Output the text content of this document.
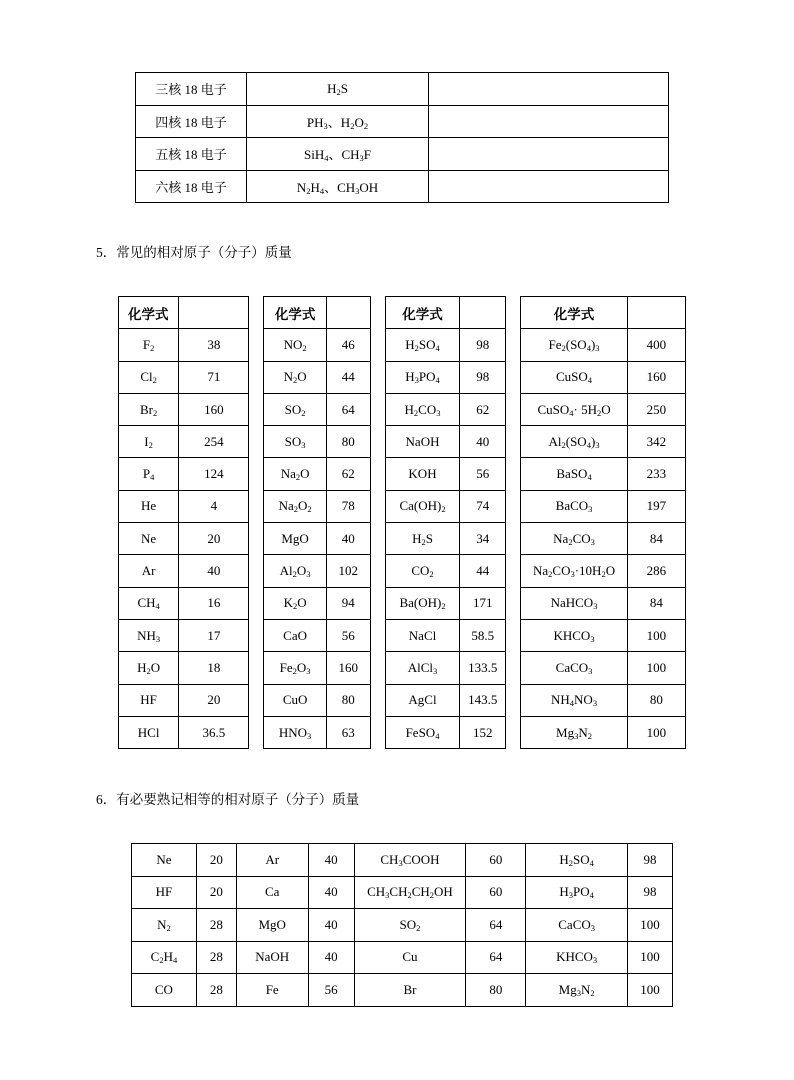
三核 18 电子	$H_2S$	
四核 18 电子	$PH_3$、$H_2O_2$	
五核 18 电子	SiH$_4$、$CH_3F$	
六核 18 电子	$N_2H_4$、$CH_3OH$	
5．常见的相对原子（分子）质量
化学式			化学式			化学式			化学式	
$F_2$	38		$NO_2$	46		$H_2SO_4$	98		$Fe_2(SO_4)_3$	400
$Cl_2$	71		$N_2O$	44		$H_3PO_4$	98		CuSO$_4$	160
$Br_2$	160		$SO_2$	64		$H_2CO_3$	62		CuSO$_4$· $5H_2O$	250
$I_2$	254		$SO_3$	80		NaOH	40		$Al_2(SO_4)_3$	342
$P_4$	124		$Na_2O$	62		KOH	56		BaSO$_4$	233
He	4		$Na_2O_2$	78		$Ca(OH)_2$	74		BaCO$_3$	197
Ne	20		MgO	40		$H_2S$	34		$Na_2CO_3$	84
Ar	40		$Al_2O_3$	102		$CO_2$	44		$Na_2CO_3\cdot 10H_2O$	286
$CH_4$	16		$K_2O$	94		$Ba(OH)_2$	171		NaHCO$_3$	84
$NH_3$	17		CaO	56		NaCl	58.5		$KHCO_3$	100
$H_2O$	18		$Fe_2O_3$	160		AlCl$_3$	133.5		CaCO$_3$	100
HF	20		CuO	80		AgCl	143.5		$NH_4NO_3$	80
HCl	36.5		$HNO_3$	63		FeSO$_4$	152		$Mg_3N_2$	100
6．有必要熟记相等的相对原子（分子）质量
Ne	20	Ar	40	$CH_3COOH$	60	$H_2SO_4$	98
HF	20	Ca	40	$CH_3CH_2CH_2OH$	60	$H_3PO_4$	98
$N_2$	28	MgO	40	$SO_2$	64	CaCO$_3$	100
$C_2H_4$	28	NaOH	40	Cu	64	$KHCO_3$	100
CO	28	Fe	56	Br	80	$Mg_3N_2$	100
